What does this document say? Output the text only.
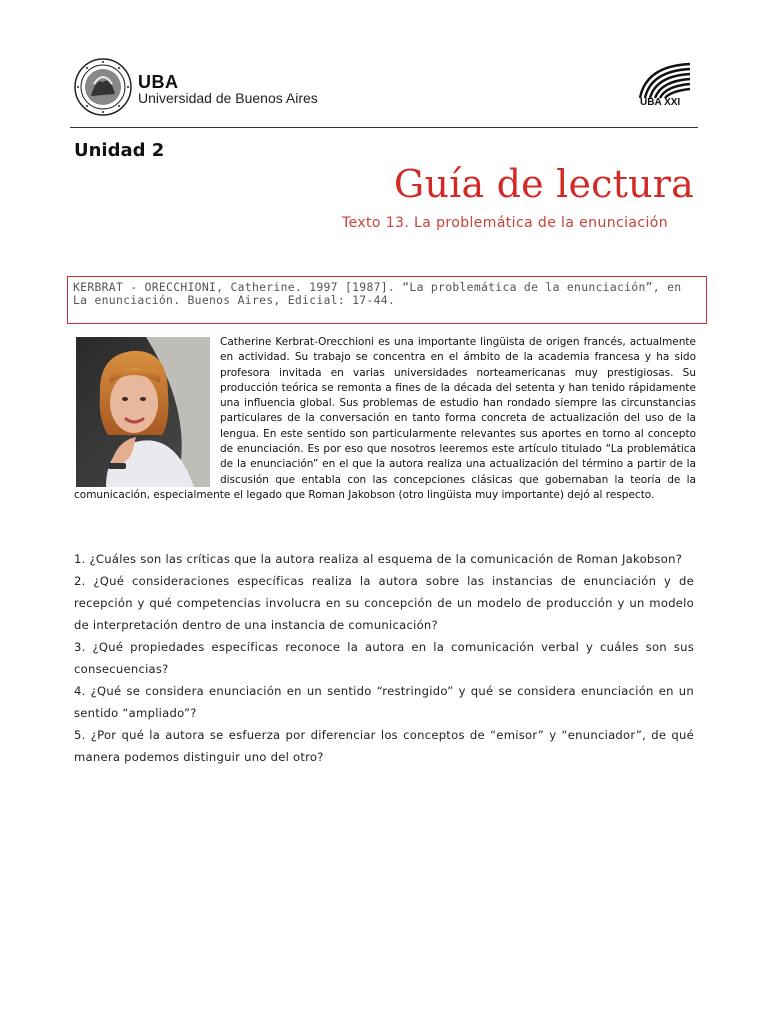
UBA
Universidad de Buenos Aires	UBA XXI
Unidad 2
Guía de lectura
Texto 13. La problemática de la enunciación
KERBRAT - ORECCHIONI, Catherine. 1997 [1987]. “La problemática de la enunciación”, en La enunciación. Buenos Aires, Edicial: 17-44.
Catherine Kerbrat-Orecchioni es una importante lingüista de origen francés, actualmente en actividad. Su trabajo se concentra en el ámbito de la academia francesa y ha sido profesora invitada en varias universidades norteamericanas muy prestigiosas. Su producción teórica se remonta a fines de la década del setenta y han tenido rápidamente una influencia global. Sus problemas de estudio han rondado siempre las circunstancias particulares de la conversación en tanto forma concreta de actualización del uso de la lengua. En este sentido son particularmente relevantes sus aportes en torno al concepto de enunciación. Es por eso que nosotros leeremos este artículo titulado “La problemática de la enunciación” en el que la autora realiza una actualización del término a partir de la discusión que entabla con las concepciones clásicas que gobernaban la teoría de la comunicación, especialmente el legado que Roman Jakobson (otro lingüista muy importante) dejó al respecto.

1. ¿Cuáles son las críticas que la autora realiza al esquema de la comunicación de Roman Jakobson?

2. ¿Qué consideraciones específicas realiza la autora sobre las instancias de enunciación y de recepción y qué competencias involucra en su concepción de un modelo de producción y un modelo de interpretación dentro de una instancia de comunicación?

3. ¿Qué propiedades específicas reconoce la autora en la comunicación verbal y cuáles son sus consecuencias?

4. ¿Qué se considera enunciación en un sentido “restringido” y qué se considera enunciación en un sentido “ampliado”?

5. ¿Por qué la autora se esfuerza por diferenciar los conceptos de “emisor” y “enunciador”, de qué manera podemos distinguir uno del otro?
